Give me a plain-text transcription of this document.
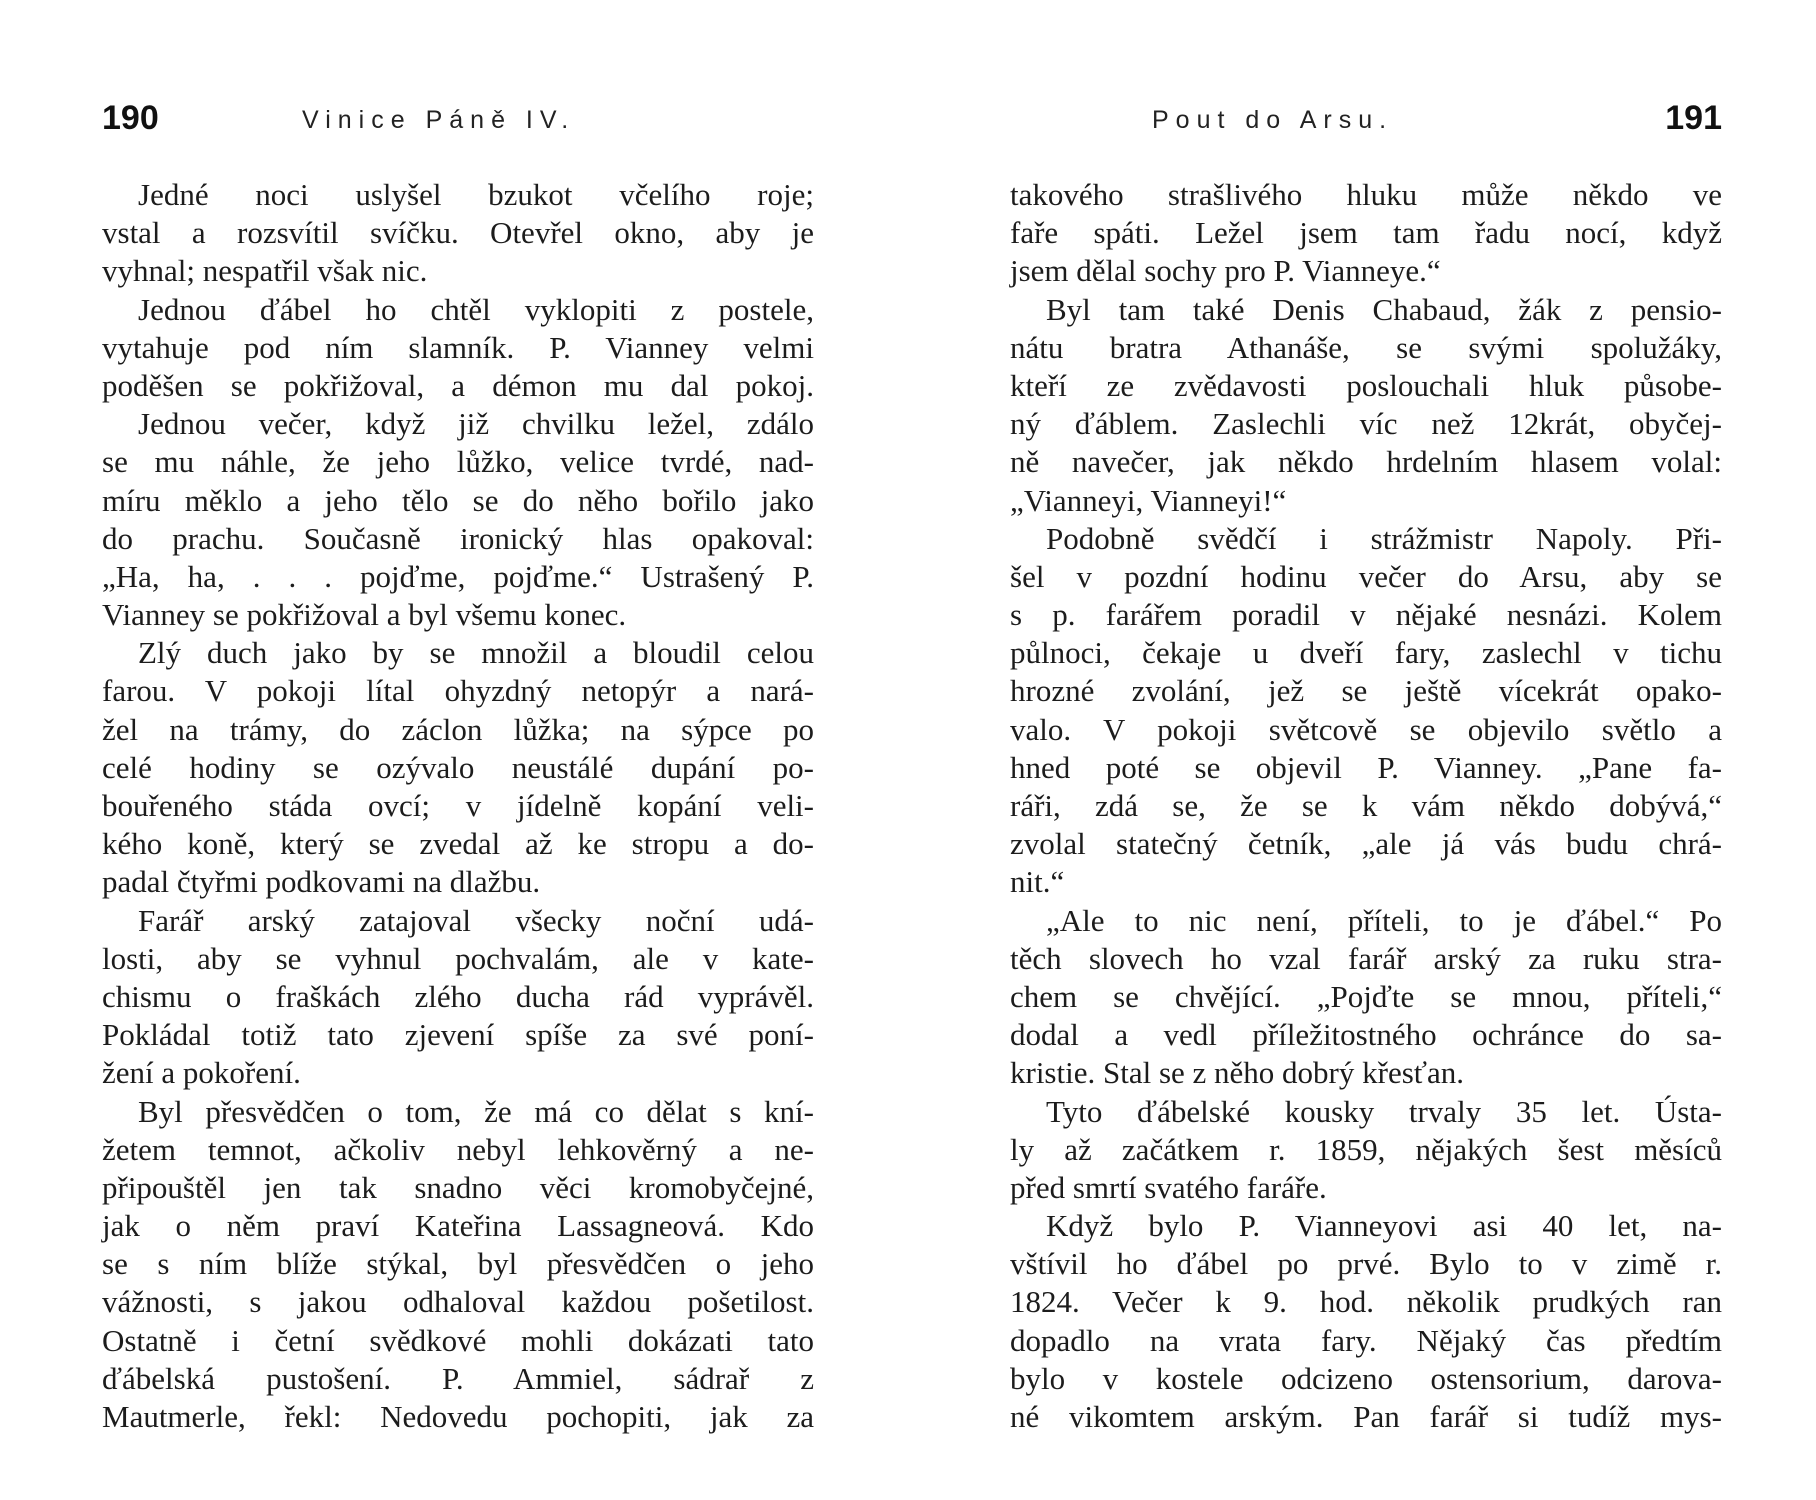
190	Vinice Páně IV.
Jedné noci uslyšel bzukot včelího roje;
vstal a rozsvítil svíčku. Otevřel okno, aby je
vyhnal; nespatřil však nic.
Jednou ďábel ho chtěl vyklopiti z postele,
vytahuje pod ním slamník. P. Vianney velmi
poděšen se pokřižoval, a démon mu dal pokoj.
Jednou večer, když již chvilku ležel, zdálo
se mu náhle, že jeho lůžko, velice tvrdé, nad-
míru měklo a jeho tělo se do něho bořilo jako
do prachu. Současně ironický hlas opakoval:
„Ha, ha, . . . pojďme, pojďme.“ Ustrašený P.
Vianney se pokřižoval a byl všemu konec.
Zlý duch jako by se množil a bloudil celou
farou. V pokoji lítal ohyzdný netopýr a nará-
žel na trámy, do záclon lůžka; na sýpce po
celé hodiny se ozývalo neustálé dupání po-
bouřeného stáda ovcí; v jídelně kopání veli-
kého koně, který se zvedal až ke stropu a do-
padal čtyřmi podkovami na dlažbu.
Farář arský zatajoval všecky noční udá-
losti, aby se vyhnul pochvalám, ale v kate-
chismu o fraškách zlého ducha rád vyprávěl.
Pokládal totiž tato zjevení spíše za své poní-
žení a pokoření.
Byl přesvědčen o tom, že má co dělat s kní-
žetem temnot, ačkoliv nebyl lehkověrný a ne-
připouštěl jen tak snadno věci kromobyčejné,
jak o něm praví Kateřina Lassagneová. Kdo
se s ním blíže stýkal, byl přesvědčen o jeho
vážnosti, s jakou odhaloval každou pošetilost.
Ostatně i četní svědkové mohli dokázati tato
ďábelská pustošení. P. Ammiel, sádrař z
Mautmerle, řekl: Nedovedu pochopiti, jak za
Pout do Arsu.	191
takového strašlivého hluku může někdo ve
faře spáti. Ležel jsem tam řadu nocí, když
jsem dělal sochy pro P. Vianneye.“
Byl tam také Denis Chabaud, žák z pensio-
nátu bratra Athanáše, se svými spolužáky,
kteří ze zvědavosti poslouchali hluk působe-
ný ďáblem. Zaslechli víc než 12krát, obyčej-
ně navečer, jak někdo hrdelním hlasem volal:
„Vianneyi, Vianneyi!“
Podobně svědčí i strážmistr Napoly. Při-
šel v pozdní hodinu večer do Arsu, aby se
s p. farářem poradil v nějaké nesnázi. Kolem
půlnoci, čekaje u dveří fary, zaslechl v tichu
hrozné zvolání, jež se ještě vícekrát opako-
valo. V pokoji světcově se objevilo světlo a
hned poté se objevil P. Vianney. „Pane fa-
ráři, zdá se, že se k vám někdo dobývá,“
zvolal statečný četník, „ale já vás budu chrá-
nit.“
„Ale to nic není, příteli, to je ďábel.“ Po
těch slovech ho vzal farář arský za ruku stra-
chem se chvějící. „Pojďte se mnou, příteli,“
dodal a vedl příležitostného ochránce do sa-
kristie. Stal se z něho dobrý křesťan.
Tyto ďábelské kousky trvaly 35 let. Ústa-
ly až začátkem r. 1859, nějakých šest měsíců
před smrtí svatého faráře.
Když bylo P. Vianneyovi asi 40 let, na-
vštívil ho ďábel po prvé. Bylo to v zimě r.
1824. Večer k 9. hod. několik prudkých ran
dopadlo na vrata fary. Nějaký čas předtím
bylo v kostele odcizeno ostensorium, darova-
né vikomtem arským. Pan farář si tudíž mys-
